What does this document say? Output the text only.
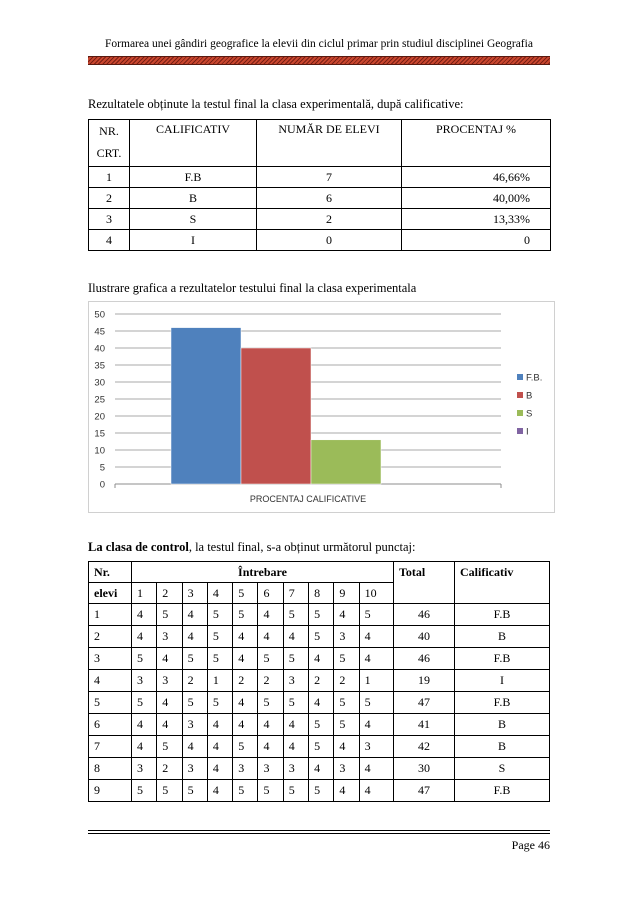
Formarea unei gândiri geografice la elevii din ciclul primar prin studiul disciplinei Geografia
Rezultatele obținute la testul final la clasa experimentală, după calificative:
NR.
CRT.	CALIFICATIV	NUMĂR DE ELEVI	PROCENTAJ %
1	F.B	7	46,66%
2	B	6	40,00%
3	S	2	13,33%
4	I	0	0
Ilustrare grafica a rezultatelor testului final la clasa experimentala
0
5
10
15
20
25
30
35
40
45
50
PROCENTAJ CALIFICATIVE
F.B.
B
S
I
La clasa de control, la testul final, s-a obținut următorul punctaj:
Nr.	Întrebare										Total	Calificativ
elevi	1	2	3	4	5	6	7	8	9	10		
1	4	5	4	5	5	4	5	5	4	5	46	F.B
2	4	3	4	5	4	4	4	5	3	4	40	B
3	5	4	5	5	4	5	5	4	5	4	46	F.B
4	3	3	2	1	2	2	3	2	2	1	19	I
5	5	4	5	5	4	5	5	4	5	5	47	F.B
6	4	4	3	4	4	4	4	5	5	4	41	B
7	4	5	4	4	5	4	4	5	4	3	42	B
8	3	2	3	4	3	3	3	4	3	4	30	S
9	5	5	5	4	5	5	5	5	4	4	47	F.B
Page 46
